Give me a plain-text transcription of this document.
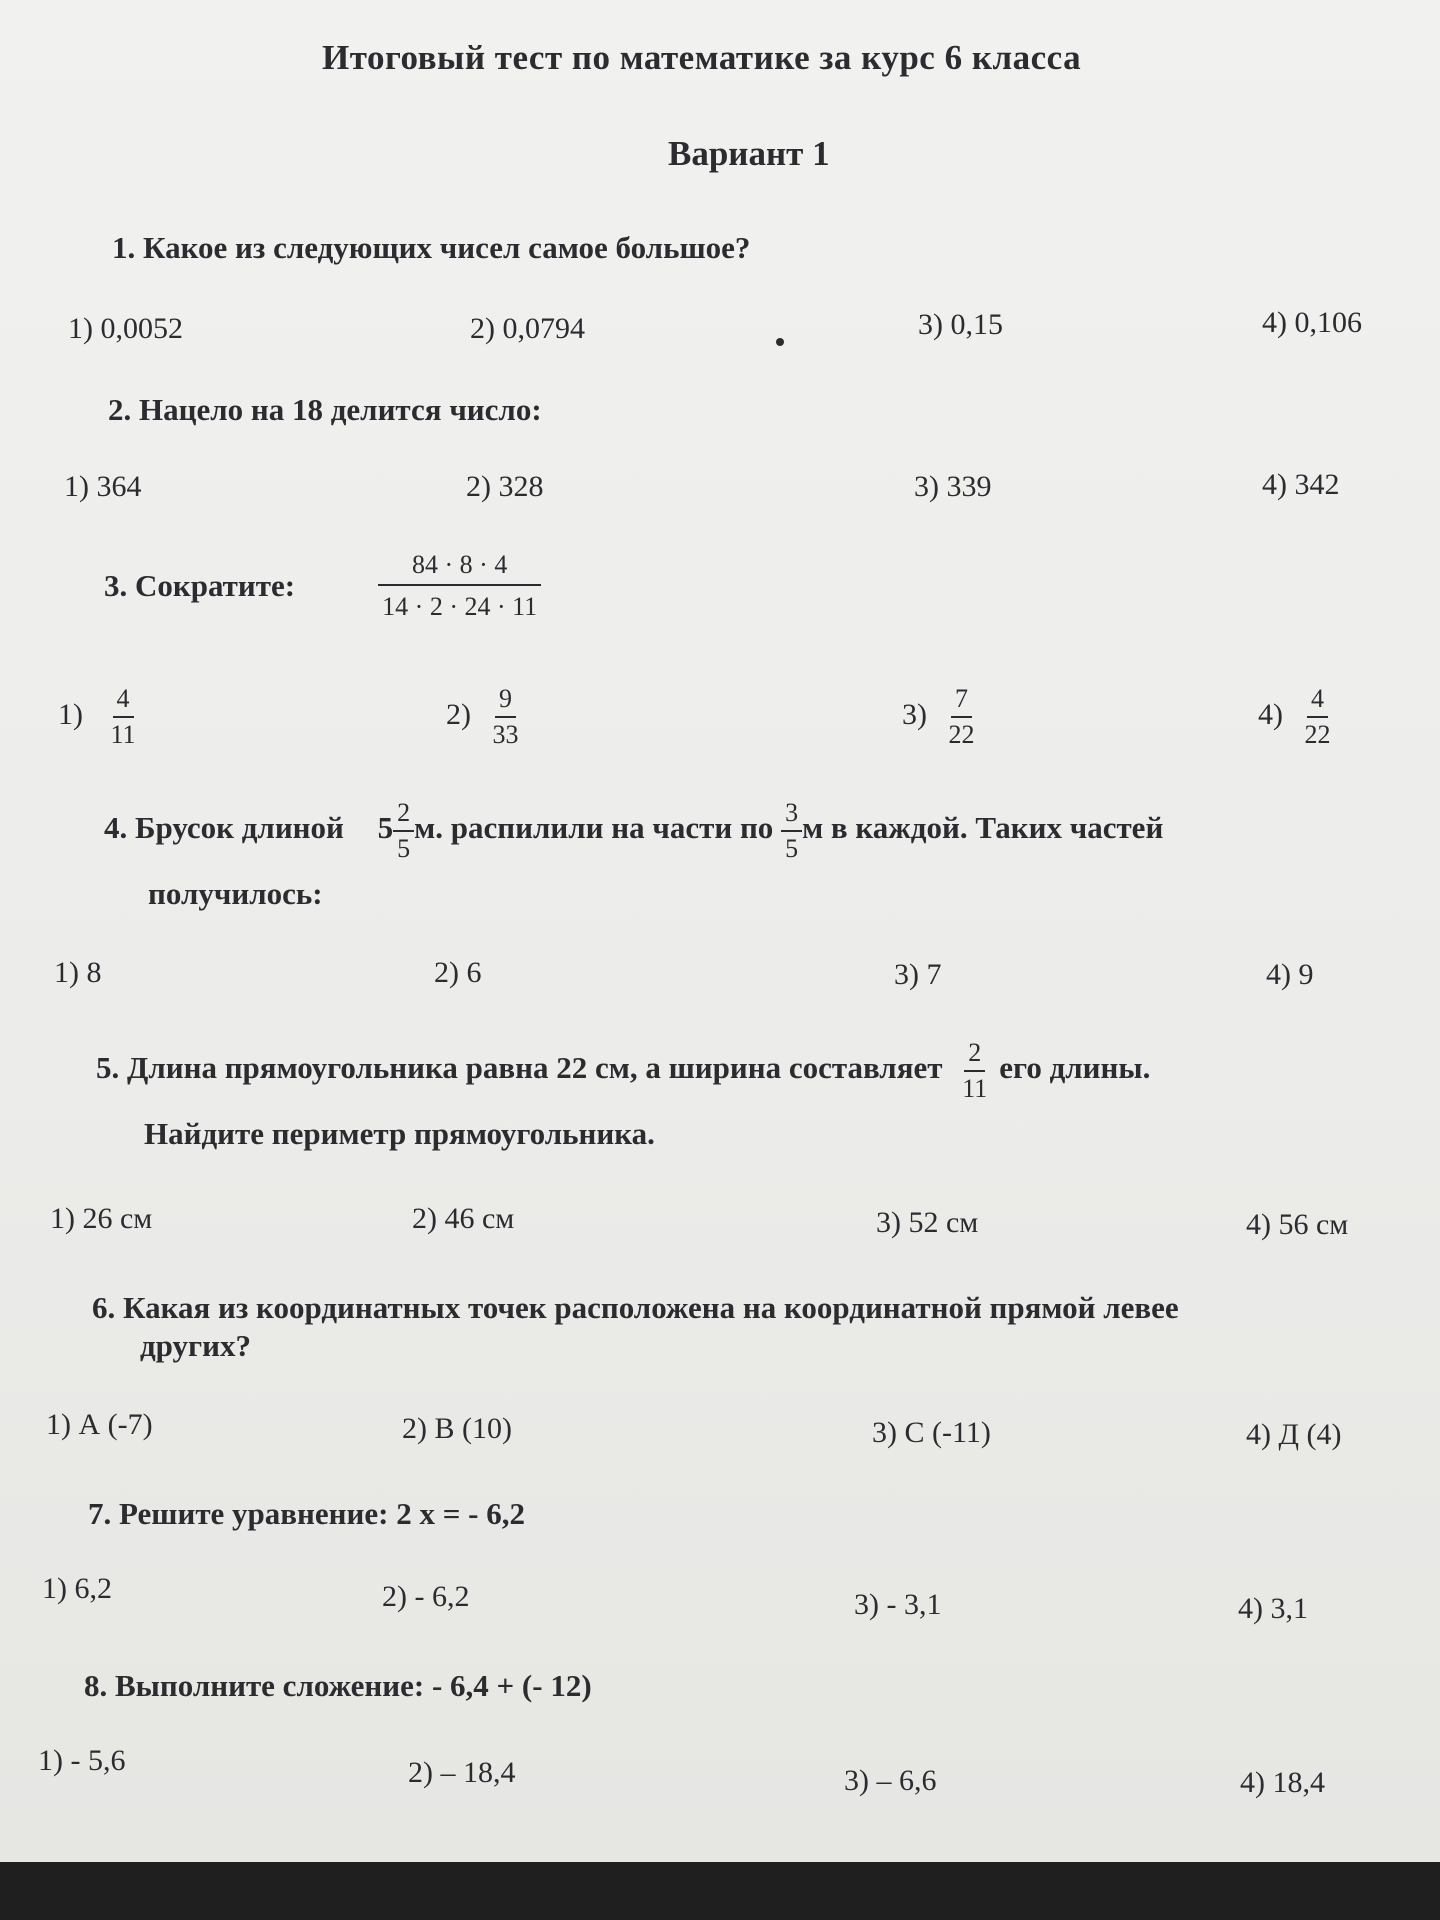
Итоговый тест по математике за курс 6 класса
Вариант 1
1. Какое из следующих чисел самое большое?
1) 0,0052	2) 0,0794	3) 0,15	4) 0,106
2. Нацело на 18 делится число:
1) 364	2) 328	3) 339	4) 342
3. Сократите:	$\frac{84 \cdot 8 \cdot 4}{14 \cdot 2 \cdot 24 \cdot 11}$
$1) \frac{4}{11}$	$2) \frac{9}{33}$	$3) \frac{7}{22}$	$4) \frac{4}{22}$
4. Брусок длиной $5 \frac{2}{5} м$. распилили на части по $\frac{3}{5}$ м в каждой. Таких частей
получилось:
1) 8	2) 6	3) 7	4) 9
5. Длина прямоугольника равна 22 см, а ширина составляет $\frac{2}{11}$ его длины.
Найдите периметр прямоугольника.
1) 26 см	2) 46 см	3) 52 см	4) 56 см
6. Какая из координатных точек расположена на координатной прямой левее
других?
1) А (-7)	2) В (10)	3) С (-11)	4) Д (4)
7. Решите уравнение: 2 x = - 6,2
1) 6,2	2) - 6,2	3) - 3,1	4) 3,1
8. Выполните сложение: - 6,4 + (- 12)
1) - 5,6	2) – 18,4	3) – 6,6	4) 18,4
